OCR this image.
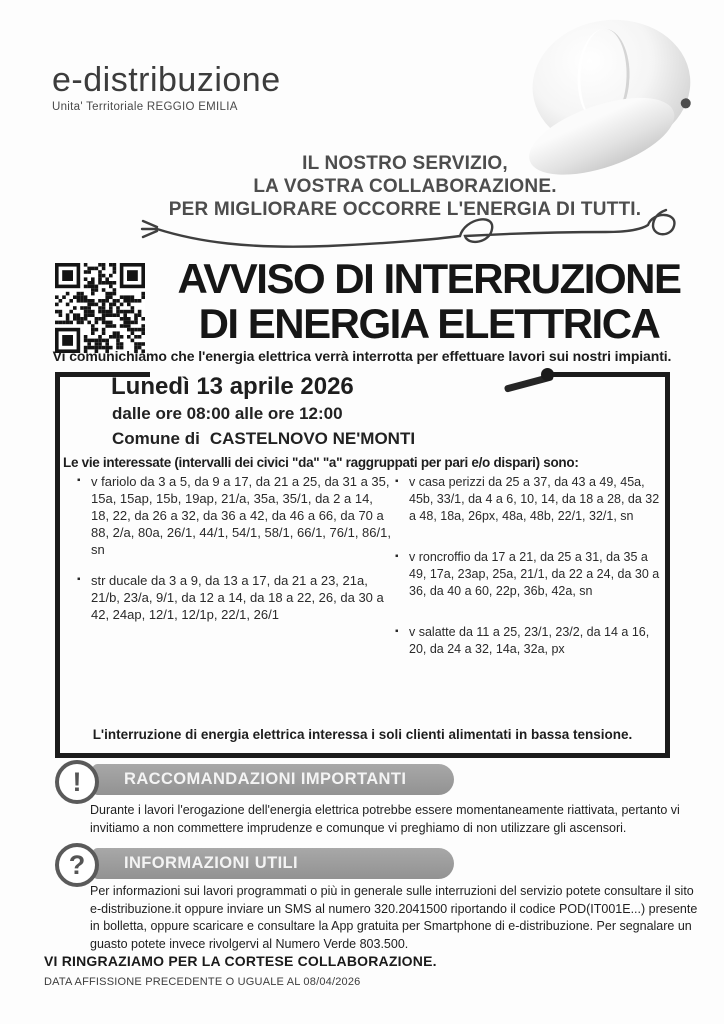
e-distribuzione
Unita' Territoriale REGGIO EMILIA
IL NOSTRO SERVIZIO,
LA VOSTRA COLLABORAZIONE.
PER MIGLIORARE OCCORRE L'ENERGIA DI TUTTI.
AVVISO DI INTERRUZIONE
DI ENERGIA ELETTRICA
Vi comunichiamo che l'energia elettrica verrà interrotta per effettuare lavori sui nostri impianti.
Lunedì 13 aprile 2026
dalle ore 08:00 alle ore 12:00
Comune di CASTELNOVO NE'MONTI
Le vie interessate (intervalli dei civici "da" "a" raggruppati per pari e/o dispari) sono:
▪ v fariolo da 3 a 5, da 9 a 17, da 21 a 25, da 31 a 35, 15a, 15ap, 15b, 19ap, 21/a, 35a, 35/1, da 2 a 14, 18, 22, da 26 a 32, da 36 a 42, da 46 a 66, da 70 a 88, 2/a, 80a, 26/1, 44/1, 54/1, 58/1, 66/1, 76/1, 86/1, sn
▪ str ducale da 3 a 9, da 13 a 17, da 21 a 23, 21a, 21/b, 23/a, 9/1, da 12 a 14, da 18 a 22, 26, da 30 a 42, 24ap, 12/1, 12/1p, 22/1, 26/1
▪ v casa perizzi da 25 a 37, da 43 a 49, 45a, 45b, 33/1, da 4 a 6, 10, 14, da 18 a 28, da 32 a 48, 18a, 26px, 48a, 48b, 22/1, 32/1, sn
▪ v roncroffio da 17 a 21, da 25 a 31, da 35 a 49, 17a, 23ap, 25a, 21/1, da 22 a 24, da 30 a 36, da 40 a 60, 22p, 36b, 42a, sn
▪ v salatte da 11 a 25, 23/1, 23/2, da 14 a 16, 20, da 24 a 32, 14a, 32a, px
L'interruzione di energia elettrica interessa i soli clienti alimentati in bassa tensione.
!	RACCOMANDAZIONI IMPORTANTI
Durante i lavori l'erogazione dell'energia elettrica potrebbe essere momentaneamente riattivata, pertanto vi invitiamo a non commettere imprudenze e comunque vi preghiamo di non utilizzare gli ascensori.
?	INFORMAZIONI UTILI
Per informazioni sui lavori programmati o più in generale sulle interruzioni del servizio potete consultare il sito e-distribuzione.it oppure inviare un SMS al numero 320.2041500 riportando il codice POD(IT001E...) presente in bolletta, oppure scaricare e consultare la App gratuita per Smartphone di e-distribuzione. Per segnalare un guasto potete invece rivolgervi al Numero Verde 803.500.
VI RINGRAZIAMO PER LA CORTESE COLLABORAZIONE.
DATA AFFISSIONE PRECEDENTE O UGUALE AL 08/04/2026
